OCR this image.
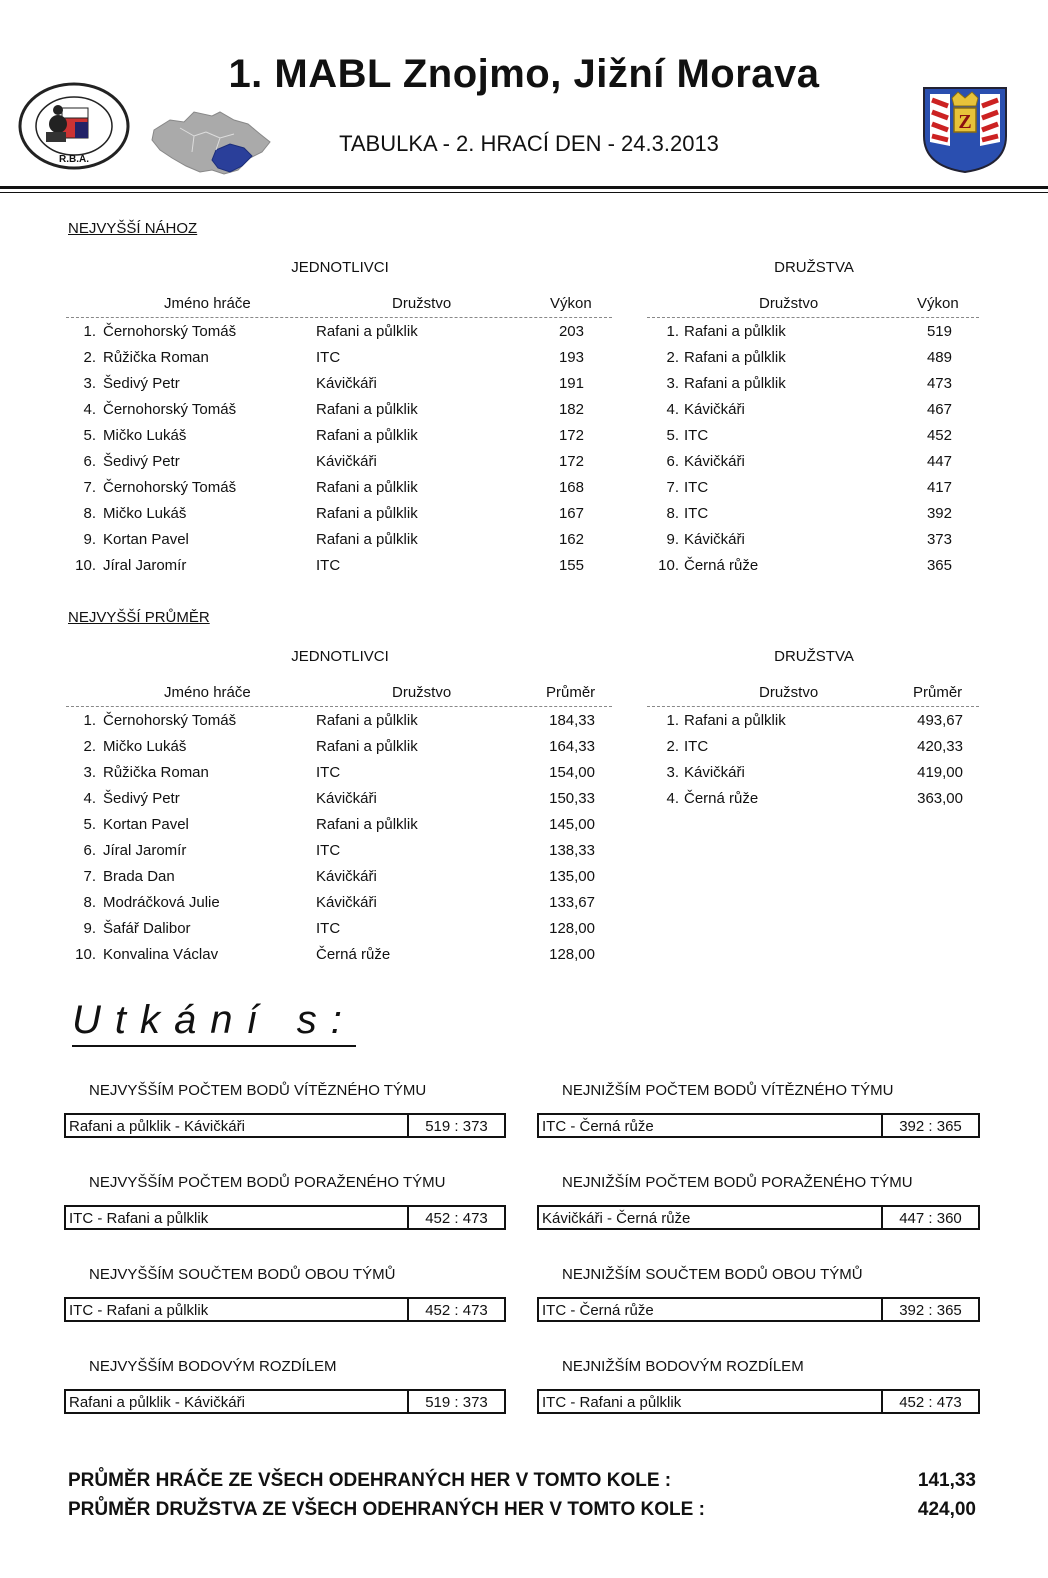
1. MABL Znojmo, Jižní Morava
TABULKA - 2. HRACÍ DEN - 24.3.2013
R.B.A.
Z
NEJVYŠŠÍ NÁHOZ
JEDNOTLIVCI	DRUŽSTVA
Jméno hráče	Družstvo	Výkon
1. Černohorský Tomáš	Rafani a půlklik	203
2. Růžička Roman	ITC	193
3. Šedivý Petr	Kávičkáři	191
4. Černohorský Tomáš	Rafani a půlklik	182
5. Mičko Lukáš	Rafani a půlklik	172
6. Šedivý Petr	Kávičkáři	172
7. Černohorský Tomáš	Rafani a půlklik	168
8. Mičko Lukáš	Rafani a půlklik	167
9. Kortan Pavel	Rafani a půlklik	162
10. Jíral Jaromír	ITC	155
Družstvo	Výkon
1. Rafani a půlklik	519
2. Rafani a půlklik	489
3. Rafani a půlklik	473
4. Kávičkáři	467
5. ITC	452
6. Kávičkáři	447
7. ITC	417
8. ITC	392
9. Kávičkáři	373
10. Černá růže	365
NEJVYŠŠÍ PRŮMĚR
JEDNOTLIVCI	DRUŽSTVA
Jméno hráče	Družstvo	Průměr
1. Černohorský Tomáš	Rafani a půlklik	184,33
2. Mičko Lukáš	Rafani a půlklik	164,33
3. Růžička Roman	ITC	154,00
4. Šedivý Petr	Kávičkáři	150,33
5. Kortan Pavel	Rafani a půlklik	145,00
6. Jíral Jaromír	ITC	138,33
7. Brada Dan	Kávičkáři	135,00
8. Modráčková Julie	Kávičkáři	133,67
9. Šafář Dalibor	ITC	128,00
10. Konvalina Václav	Černá růže	128,00
Družstvo	Průměr
1. Rafani a půlklik	493,67
2. ITC	420,33
3. Kávičkáři	419,00
4. Černá růže	363,00
Utkání s:
NEJVYŠŠÍM POČTEM BODŮ VÍTĚZNÉHO TÝMU
Rafani a půlklik - Kávičkáři	519 : 373
NEJNIŽŠÍM POČTEM BODŮ VÍTĚZNÉHO TÝMU
ITC - Černá růže	392 : 365
NEJVYŠŠÍM POČTEM BODŮ PORAŽENÉHO TÝMU
ITC - Rafani a půlklik	452 : 473
NEJNIŽŠÍM POČTEM BODŮ PORAŽENÉHO TÝMU
Kávičkáři - Černá růže	447 : 360
NEJVYŠŠÍM SOUČTEM BODŮ OBOU TÝMŮ
ITC - Rafani a půlklik	452 : 473
NEJNIŽŠÍM SOUČTEM BODŮ OBOU TÝMŮ
ITC - Černá růže	392 : 365
NEJVYŠŠÍM BODOVÝM ROZDÍLEM
Rafani a půlklik - Kávičkáři	519 : 373
NEJNIŽŠÍM BODOVÝM ROZDÍLEM
ITC - Rafani a půlklik	452 : 473
PRŮMĚR HRÁČE ZE VŠECH ODEHRANÝCH HER V TOMTO KOLE :	141,33
PRŮMĚR DRUŽSTVA ZE VŠECH ODEHRANÝCH HER V TOMTO KOLE :	424,00
